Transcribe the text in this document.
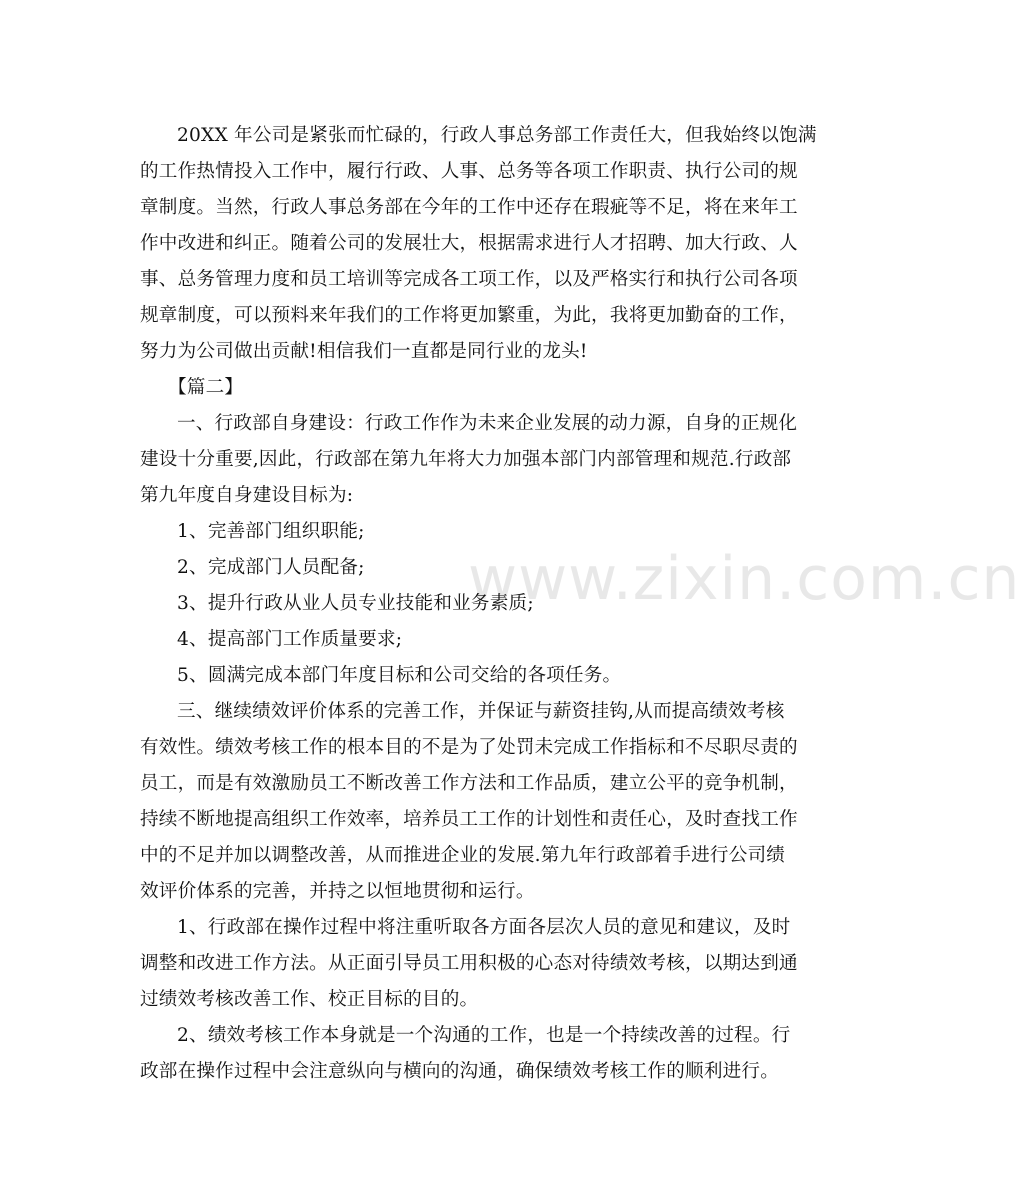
www.zixin.com.cn
20XX 年公司是紧张而忙碌的，行政人事总务部工作责任大，但我始终以饱满
的工作热情投入工作中，履行行政、人事、总务等各项工作职责、执行公司的规
章制度。当然，行政人事总务部在今年的工作中还存在瑕疵等不足，将在来年工
作中改进和纠正。随着公司的发展壮大，根据需求进行人才招聘、加大行政、人
事、总务管理力度和员工培训等完成各工项工作，以及严格实行和执行公司各项
规章制度，可以预料来年我们的工作将更加繁重，为此，我将更加勤奋的工作，
努力为公司做出贡献!相信我们一直都是同行业的龙头!
【篇二】
一、行政部自身建设：行政工作作为未来企业发展的动力源，自身的正规化
建设十分重要,因此，行政部在第九年将大力加强本部门内部管理和规范.行政部
第九年度自身建设目标为:
1、完善部门组织职能;
2、完成部门人员配备;
3、提升行政从业人员专业技能和业务素质;
4、提高部门工作质量要求;
5、圆满完成本部门年度目标和公司交给的各项任务。
三、继续绩效评价体系的完善工作，并保证与薪资挂钩,从而提高绩效考核
有效性。绩效考核工作的根本目的不是为了处罚未完成工作指标和不尽职尽责的
员工，而是有效激励员工不断改善工作方法和工作品质，建立公平的竞争机制，
持续不断地提高组织工作效率，培养员工工作的计划性和责任心，及时查找工作
中的不足并加以调整改善，从而推进企业的发展.第九年行政部着手进行公司绩
效评价体系的完善，并持之以恒地贯彻和运行。
1、行政部在操作过程中将注重听取各方面各层次人员的意见和建议，及时
调整和改进工作方法。从正面引导员工用积极的心态对待绩效考核，以期达到通
过绩效考核改善工作、校正目标的目的。
2、绩效考核工作本身就是一个沟通的工作，也是一个持续改善的过程。行
政部在操作过程中会注意纵向与横向的沟通，确保绩效考核工作的顺利进行。
